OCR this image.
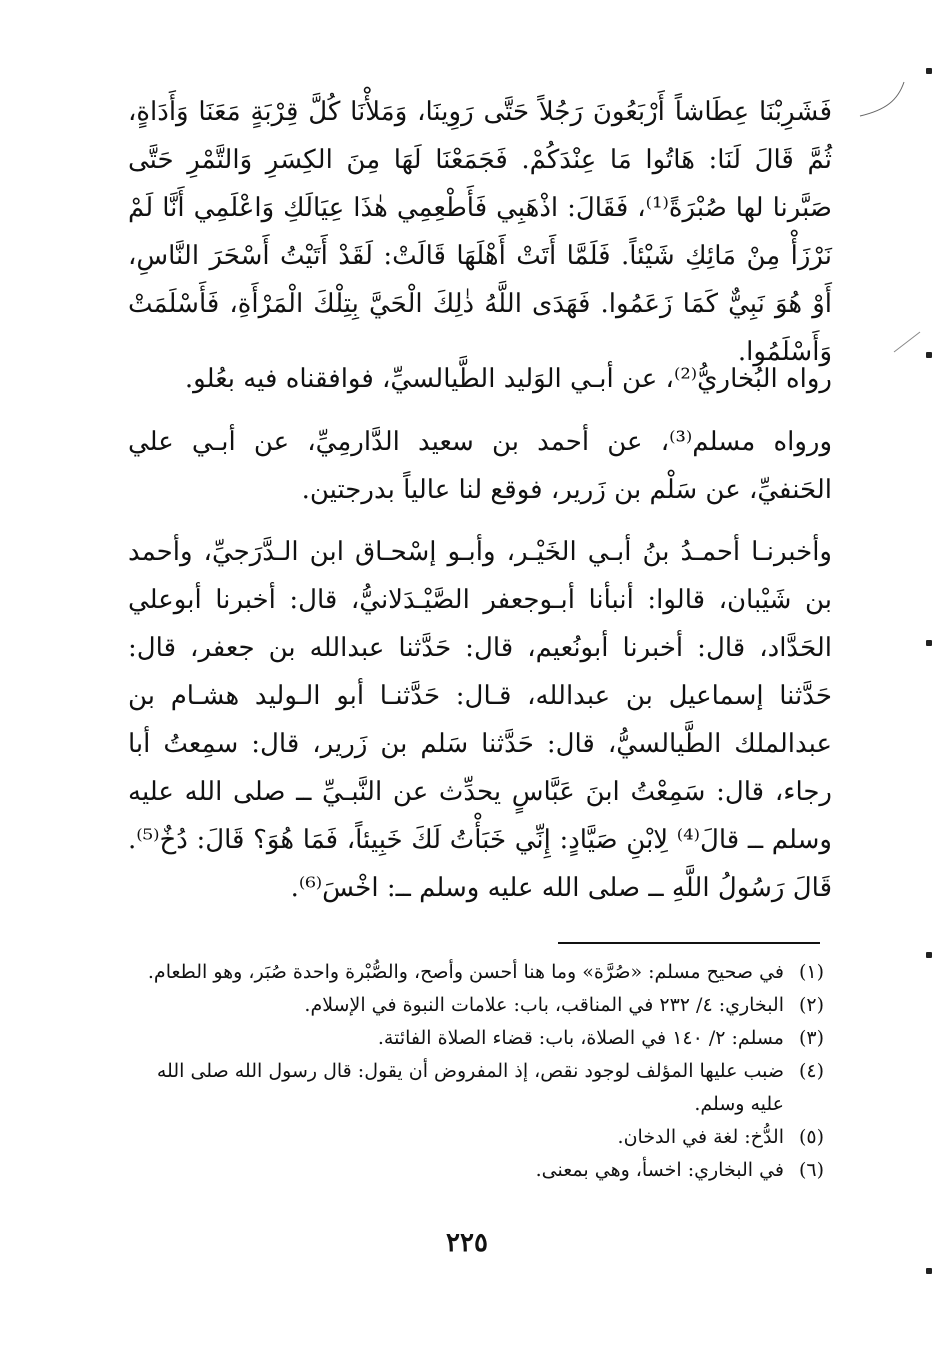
فَشَرِبْنَا عِطَاشاً أَرْبَعُونَ رَجُلاً حَتَّى رَوِينَا، وَمَلأْنَا كُلَّ قِرْبَةٍ مَعَنَا وَأَدَاةٍ، ثُمَّ قَالَ لَنَا: هَاتُوا مَا عِنْدَكُمْ. فَجَمَعْنَا لَهَا مِنَ الكِسَرِ وَالتَّمْرِ حَتَّى صَبَّرنا لها صُبْرَةً⁽¹⁾، فَقَالَ: اذْهَبِي فَأَطْعِمِي هٰذَا عِيَالَكِ وَاعْلَمِي أَنَّا لَمْ نَرْزَأْ مِنْ مَائِكِ شَيْئاً. فَلَمَّا أَتَتْ أَهْلَهَا قَالَتْ: لَقَدْ أَتَيْتُ أَسْحَرَ النَّاسِ، أَوْ هُوَ نَبِيٌّ كَمَا زَعَمُوا. فَهَدَى اللَّهُ ذٰلِكَ الْحَيَّ بِتِلْكَ الْمَرْأَةِ، فَأَسْلَمَتْ وَأَسْلَمُوا.

رواه البُخاريُّ⁽²⁾، عن أبـي الوَليد الطَّيالسيِّ، فوافقناه فيه بعُلو.

ورواه مسلم⁽³⁾، عن أحمد بن سعيد الدَّارمِيِّ، عن أبـي علي الحَنفيِّ، عن سَلْم بن زَرير، فوقع لنا عالياً بدرجتين.

وأخبرنـا أحمـدُ بنُ أبـي الخَيْـر، وأبـو إسْحـاق ابن الـدَّرَجيِّ، وأحمد بن شَيْبان، قالوا: أنبأنا أبـوجعفر الصَّيْـدَلانيُّ، قال: أخبرنا أبوعلي الحَدَّاد، قال: أخبرنا أبونُعيم، قال: حَدَّثنا عبدالله بن جعفر، قال: حَدَّثنا إسماعيل بن عبدالله، قـال: حَدَّثنـا أبو الـوليد هشـام بن عبدالملك الطَّيالسيُّ، قال: حَدَّثنا سَلم بن زَرير، قال: سمِعتُ أبا رجاء، قال: سَمِعْتُ ابنَ عَبَّاسٍ يحدِّث عن النَّبـيِّ ــ صلى الله عليه وسلم ــ قالَ⁽⁴⁾ لِابْنِ صَيَّادٍ: إِنِّي خَبَأْتُ لَكَ خَبِيئاً، فَمَا هُوَ؟ قَالَ: دُخٌ⁽⁵⁾. قَالَ رَسُولُ اللَّهِ ــ صلى الله عليه وسلم ــ: اخْسَ⁽⁶⁾.

(١)
في صحيح مسلم: «صُرَّة» وما هنا أحسن وأصح، والصُّبْرة واحدة صُبَر، وهو الطعام.
(٢)
البخاري: ٤/ ٢٣٢ في المناقب، باب: علامات النبوة في الإسلام.
(٣)
مسلم: ٢/ ١٤٠ في الصلاة، باب: قضاء الصلاة الفائتة.
(٤)
ضبب عليها المؤلف لوجود نقص، إذ المفروض أن يقول: قال رسول الله صلى الله عليه وسلم.
(٥)
الدُّخ: لغة في الدخان.
(٦)
في البخاري: اخسأ، وهي بمعنى.
٢٢٥
